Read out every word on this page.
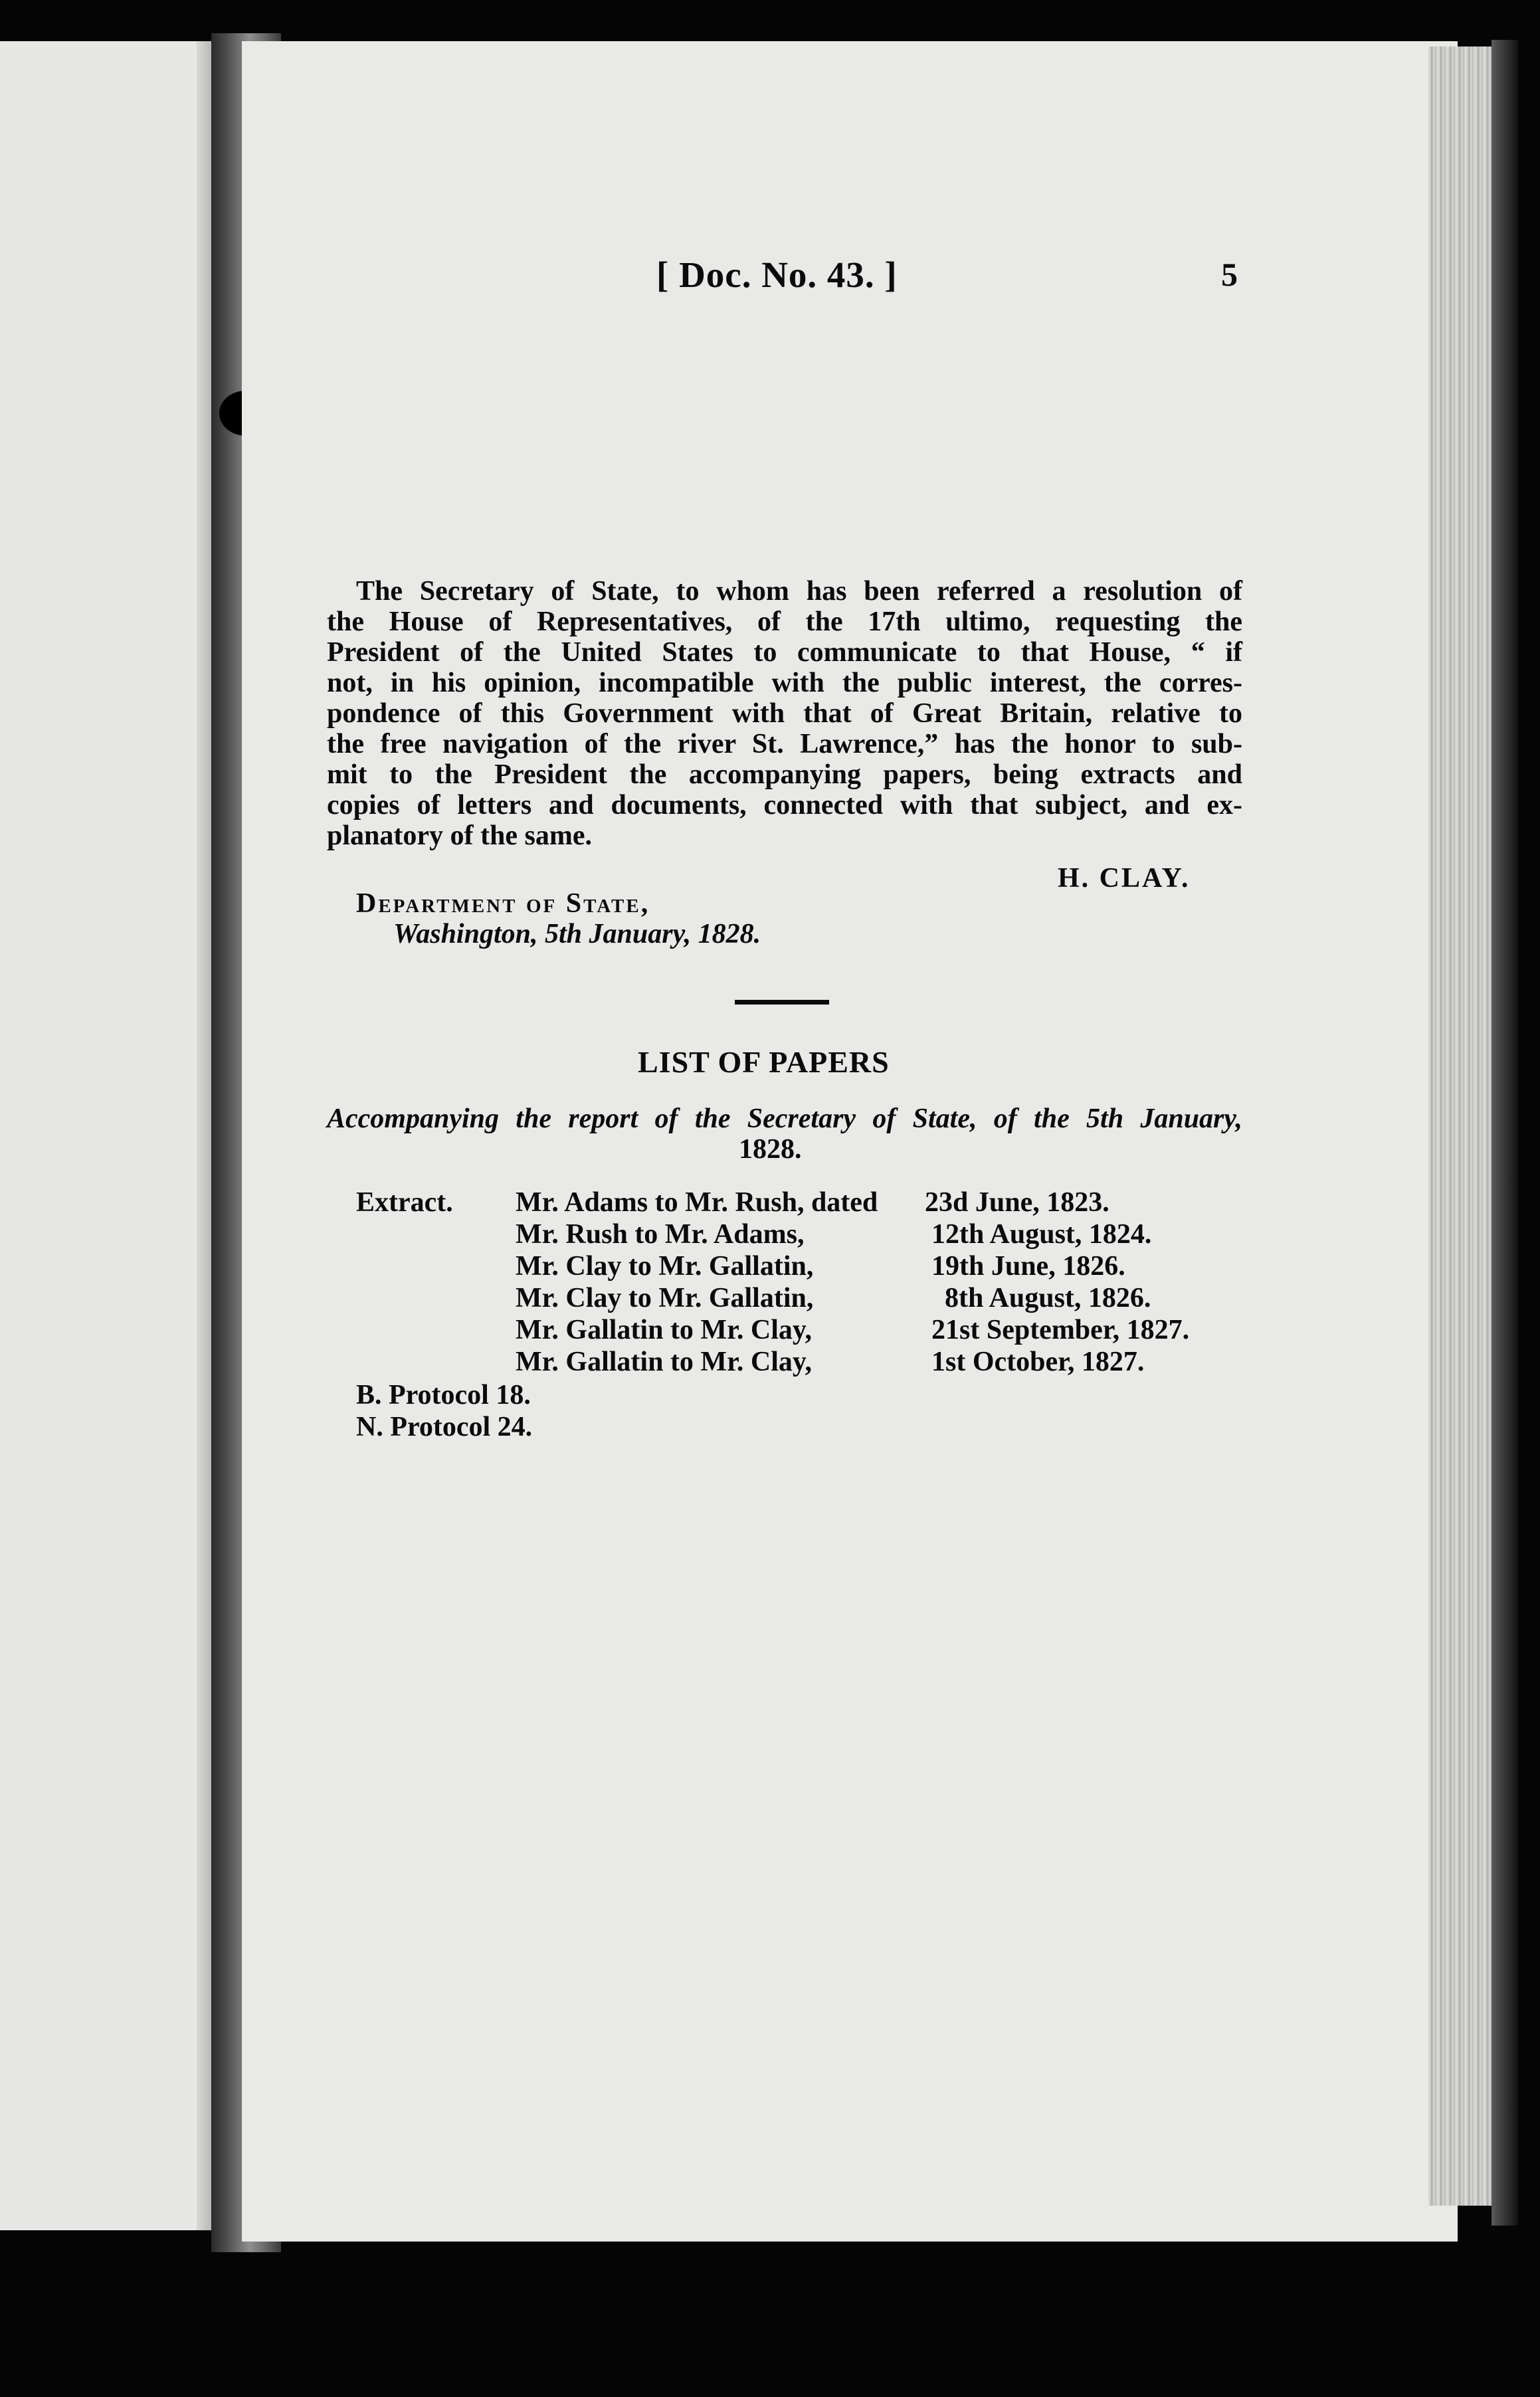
[ Doc. No. 43. ]	5
The Secretary of State, to whom has been referred a resolution of
the House of Representatives, of the 17th ultimo, requesting the
President of the United States to communicate to that House, “ if
not, in his opinion, incompatible with the public interest, the corres-
pondence of this Government with that of Great Britain, relative to
the free navigation of the river St. Lawrence,” has the honor to sub-
mit to the President the accompanying papers, being extracts and
copies of letters and documents, connected with that subject, and ex-
planatory of the same.
H. CLAY.
Department of State,
Washington, 5th January, 1828.
LIST OF PAPERS
Accompanying the report of the Secretary of State, of the 5th January,
1828.
Extract. Mr. Adams to Mr. Rush, dated 23d June, 1823.
Mr. Rush to Mr. Adams,	12th August, 1824.
Mr. Clay to Mr. Gallatin,	19th June, 1826.
Mr. Clay to Mr. Gallatin,	8th August, 1826.
Mr. Gallatin to Mr. Clay,	21st September, 1827.
Mr. Gallatin to Mr. Clay,	1st October, 1827.
B. Protocol 18.
N. Protocol 24.
